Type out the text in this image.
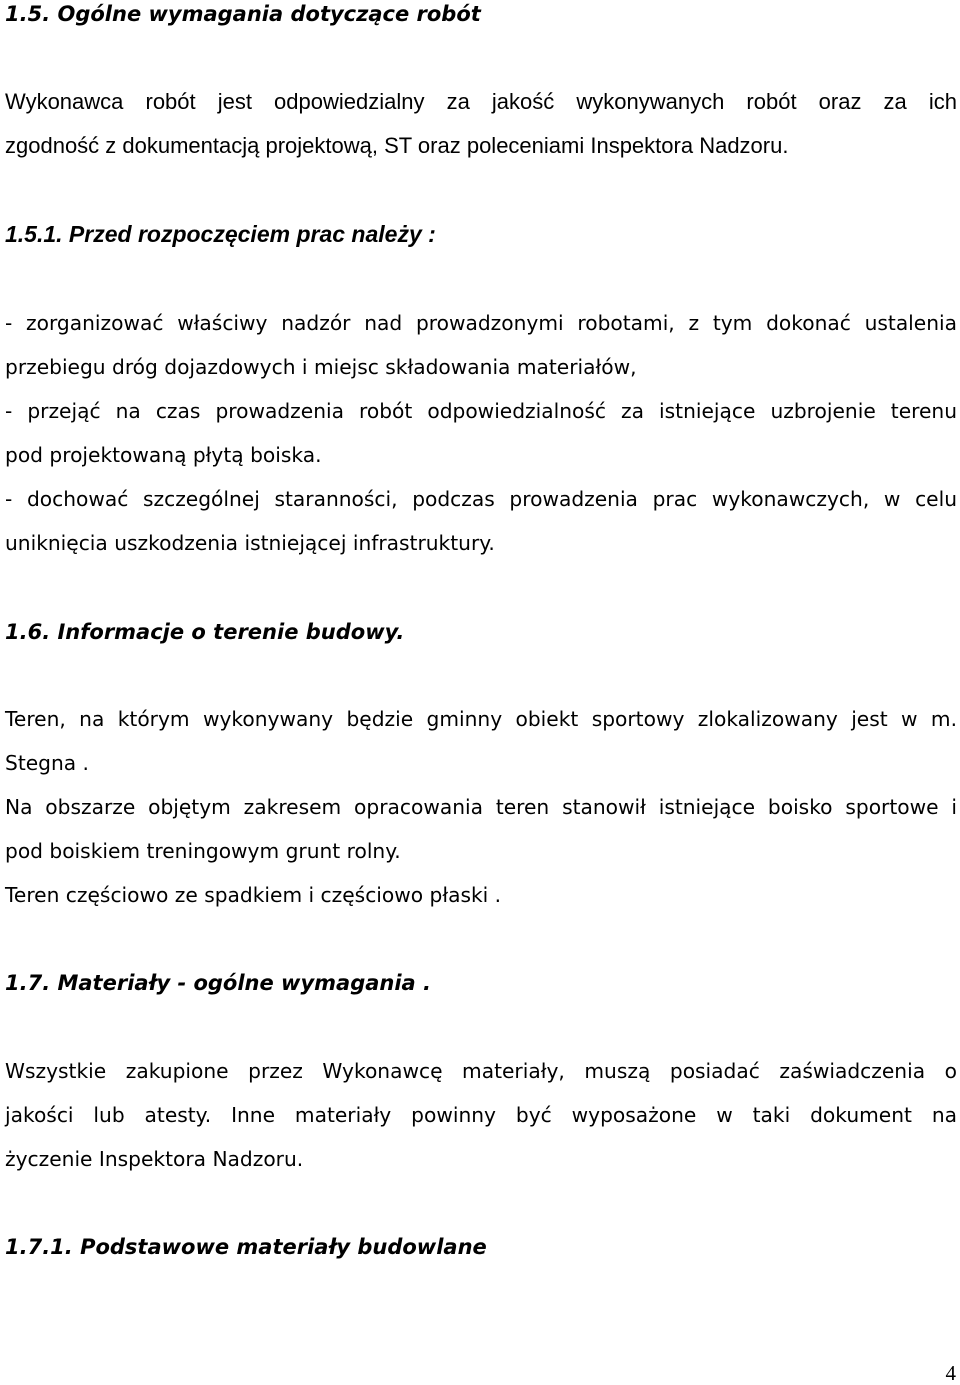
1.5. Ogólne wymagania dotyczące robót
Wykonawca robót jest odpowiedzialny za jakość wykonywanych robót oraz za ich
zgodność z dokumentacją projektową, ST oraz poleceniami Inspektora Nadzoru.
1.5.1. Przed rozpoczęciem prac należy :
- zorganizować właściwy nadzór nad prowadzonymi robotami, z tym dokonać ustalenia
przebiegu dróg dojazdowych i miejsc składowania materiałów,
- przejąć na czas prowadzenia robót odpowiedzialność za istniejące uzbrojenie terenu
pod projektowaną płytą boiska.
- dochować szczególnej staranności, podczas prowadzenia prac wykonawczych, w celu
uniknięcia uszkodzenia istniejącej infrastruktury.
1.6. Informacje o terenie budowy.
Teren, na którym wykonywany będzie gminny obiekt sportowy zlokalizowany jest w m.
Stegna .
Na obszarze objętym zakresem opracowania teren stanowił istniejące boisko sportowe i
pod boiskiem treningowym grunt rolny.
Teren częściowo ze spadkiem i częściowo płaski .
1.7. Materiały - ogólne wymagania .
Wszystkie zakupione przez Wykonawcę materiały, muszą posiadać zaświadczenia o
jakości lub atesty. Inne materiały powinny być wyposażone w taki dokument na
życzenie Inspektora Nadzoru.
1.7.1. Podstawowe materiały budowlane
4
